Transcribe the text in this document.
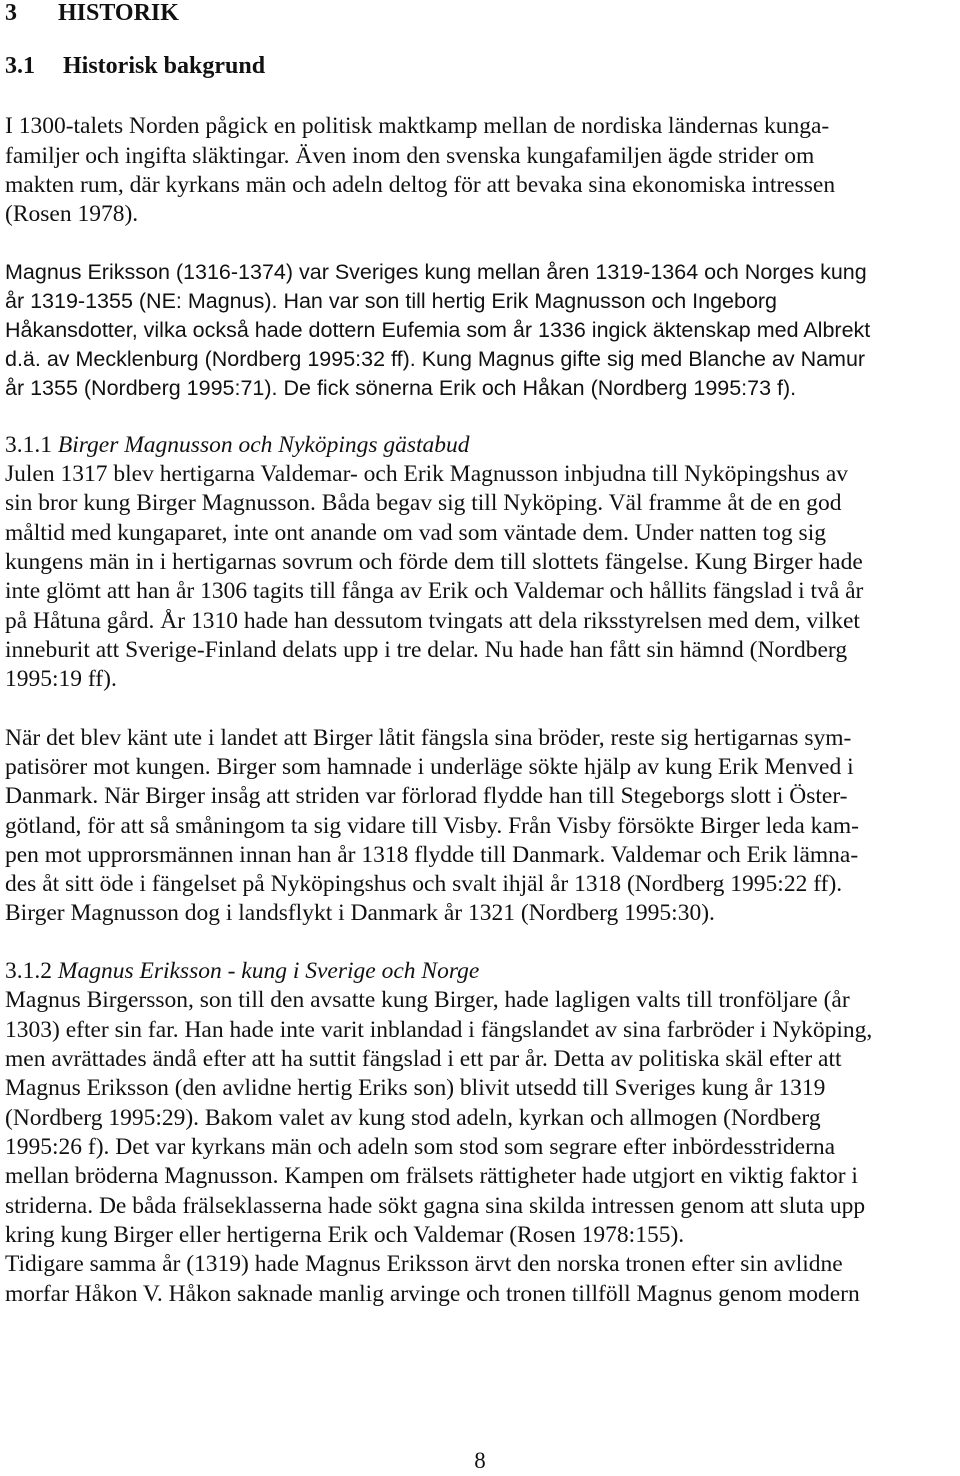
3 HISTORIK
3.1 Historisk bakgrund
I 1300-talets Norden pågick en politisk maktkamp mellan de nordiska ländernas kunga-
familjer och ingifta släktingar. Även inom den svenska kungafamiljen ägde strider om
makten rum, där kyrkans män och adeln deltog för att bevaka sina ekonomiska intressen
(Rosen 1978).
Magnus Eriksson (1316-1374) var Sveriges kung mellan åren 1319-1364 och Norges kung
år 1319-1355 (NE: Magnus). Han var son till hertig Erik Magnusson och Ingeborg
Håkansdotter, vilka också hade dottern Eufemia som år 1336 ingick äktenskap med Albrekt
d.ä. av Mecklenburg (Nordberg 1995:32 ff). Kung Magnus gifte sig med Blanche av Namur
år 1355 (Nordberg 1995:71). De fick sönerna Erik och Håkan (Nordberg 1995:73 f).
3.1.1 Birger Magnusson och Nyköpings gästabud
Julen 1317 blev hertigarna Valdemar- och Erik Magnusson inbjudna till Nyköpingshus av
sin bror kung Birger Magnusson. Båda begav sig till Nyköping. Väl framme åt de en god
måltid med kungaparet, inte ont anande om vad som väntade dem. Under natten tog sig
kungens män in i hertigarnas sovrum och förde dem till slottets fängelse. Kung Birger hade
inte glömt att han år 1306 tagits till fånga av Erik och Valdemar och hållits fängslad i två år
på Håtuna gård. År 1310 hade han dessutom tvingats att dela riksstyrelsen med dem, vilket
inneburit att Sverige-Finland delats upp i tre delar. Nu hade han fått sin hämnd (Nordberg
1995:19 ff).
När det blev känt ute i landet att Birger låtit fängsla sina bröder, reste sig hertigarnas sym-
patisörer mot kungen. Birger som hamnade i underläge sökte hjälp av kung Erik Menved i
Danmark. När Birger insåg att striden var förlorad flydde han till Stegeborgs slott i Öster-
götland, för att så småningom ta sig vidare till Visby. Från Visby försökte Birger leda kam-
pen mot upprorsmännen innan han år 1318 flydde till Danmark. Valdemar och Erik lämna-
des åt sitt öde i fängelset på Nyköpingshus och svalt ihjäl år 1318 (Nordberg 1995:22 ff).
Birger Magnusson dog i landsflykt i Danmark år 1321 (Nordberg 1995:30).
3.1.2 Magnus Eriksson - kung i Sverige och Norge
Magnus Birgersson, son till den avsatte kung Birger, hade lagligen valts till tronföljare (år
1303) efter sin far. Han hade inte varit inblandad i fängslandet av sina farbröder i Nyköping,
men avrättades ändå efter att ha suttit fängslad i ett par år. Detta av politiska skäl efter att
Magnus Eriksson (den avlidne hertig Eriks son) blivit utsedd till Sveriges kung år 1319
(Nordberg 1995:29). Bakom valet av kung stod adeln, kyrkan och allmogen (Nordberg
1995:26 f). Det var kyrkans män och adeln som stod som segrare efter inbördesstriderna
mellan bröderna Magnusson. Kampen om frälsets rättigheter hade utgjort en viktig faktor i
striderna. De båda frälseklasserna hade sökt gagna sina skilda intressen genom att sluta upp
kring kung Birger eller hertigerna Erik och Valdemar (Rosen 1978:155).
Tidigare samma år (1319) hade Magnus Eriksson ärvt den norska tronen efter sin avlidne
morfar Håkon V. Håkon saknade manlig arvinge och tronen tillföll Magnus genom modern
8
